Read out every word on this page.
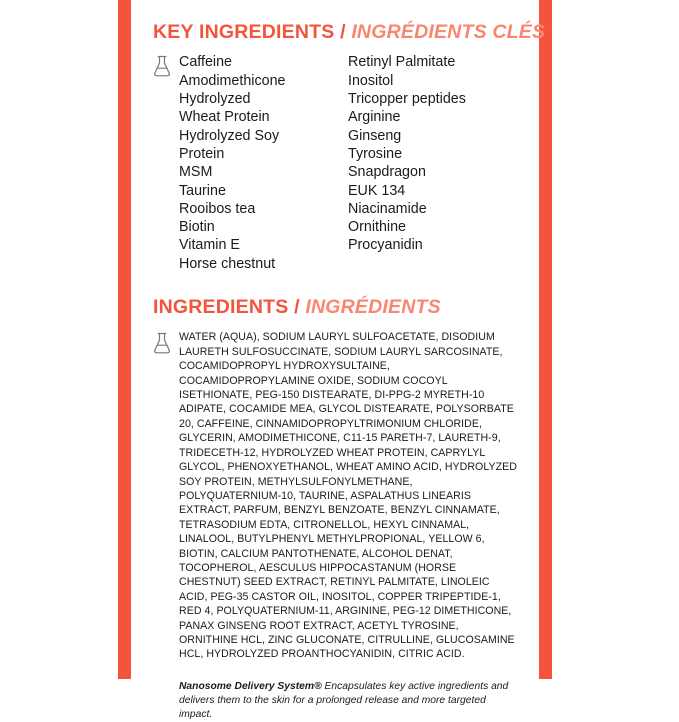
KEY INGREDIENTS / INGRÉDIENTS CLÉS
Caffeine
Amodimethicone
Hydrolyzed
Wheat Protein
Hydrolyzed Soy
Protein
MSM
Taurine
Rooibos tea
Biotin
Vitamin E
Horse chestnut
Retinyl Palmitate
Inositol
Tricopper peptides
Arginine
Ginseng
Tyrosine
Snapdragon
EUK 134
Niacinamide
Ornithine
Procyanidin
INGREDIENTS / INGRÉDIENTS
WATER (AQUA), SODIUM LAURYL SULFOACETATE, DISODIUM LAURETH SULFOSUCCINATE, SODIUM LAURYL SARCOSINATE, COCAMIDOPROPYL HYDROXYSULTAINE, COCAMIDOPROPYLAMINE OXIDE, SODIUM COCOYL ISETHIONATE, PEG-150 DISTEARATE, DI-PPG-2 MYRETH-10 ADIPATE, COCAMIDE MEA, GLYCOL DISTEARATE, POLYSORBATE 20, CAFFEINE, CINNAMIDOPROPYLTRIMONIUM CHLORIDE, GLYCERIN, AMODIMETHICONE, C11-15 PARETH-7, LAURETH-9, TRIDECETH-12, HYDROLYZED WHEAT PROTEIN, CAPRYLYL GLYCOL, PHENOXYETHANOL, WHEAT AMINO ACID, HYDROLYZED SOY PROTEIN, METHYLSULFONYLMETHANE, POLYQUATERNIUM-10, TAURINE, ASPALATHUS LINEARIS EXTRACT, PARFUM, BENZYL BENZOATE, BENZYL CINNAMATE, TETRASODIUM EDTA, CITRONELLOL, HEXYL CINNAMAL, LINALOOL, BUTYLPHENYL METHYLPROPIONAL, YELLOW 6, BIOTIN, CALCIUM PANTOTHENATE, ALCOHOL DENAT, TOCOPHEROL, AESCULUS HIPPOCASTANUM (HORSE CHESTNUT) SEED EXTRACT, RETINYL PALMITATE, LINOLEIC ACID, PEG-35 CASTOR OIL, INOSITOL, COPPER TRIPEPTIDE-1, RED 4, POLYQUATERNIUM-11, ARGININE, PEG-12 DIMETHICONE, PANAX GINSENG ROOT EXTRACT, ACETYL TYROSINE, ORNITHINE HCL, ZINC GLUCONATE, CITRULLINE, GLUCOSAMINE HCL, HYDROLYZED PROANTHOCYANIDIN, CITRIC ACID.
Nanosome Delivery System® Encapsulates key active ingredients and delivers them to the skin for a prolonged release and more targeted impact.
